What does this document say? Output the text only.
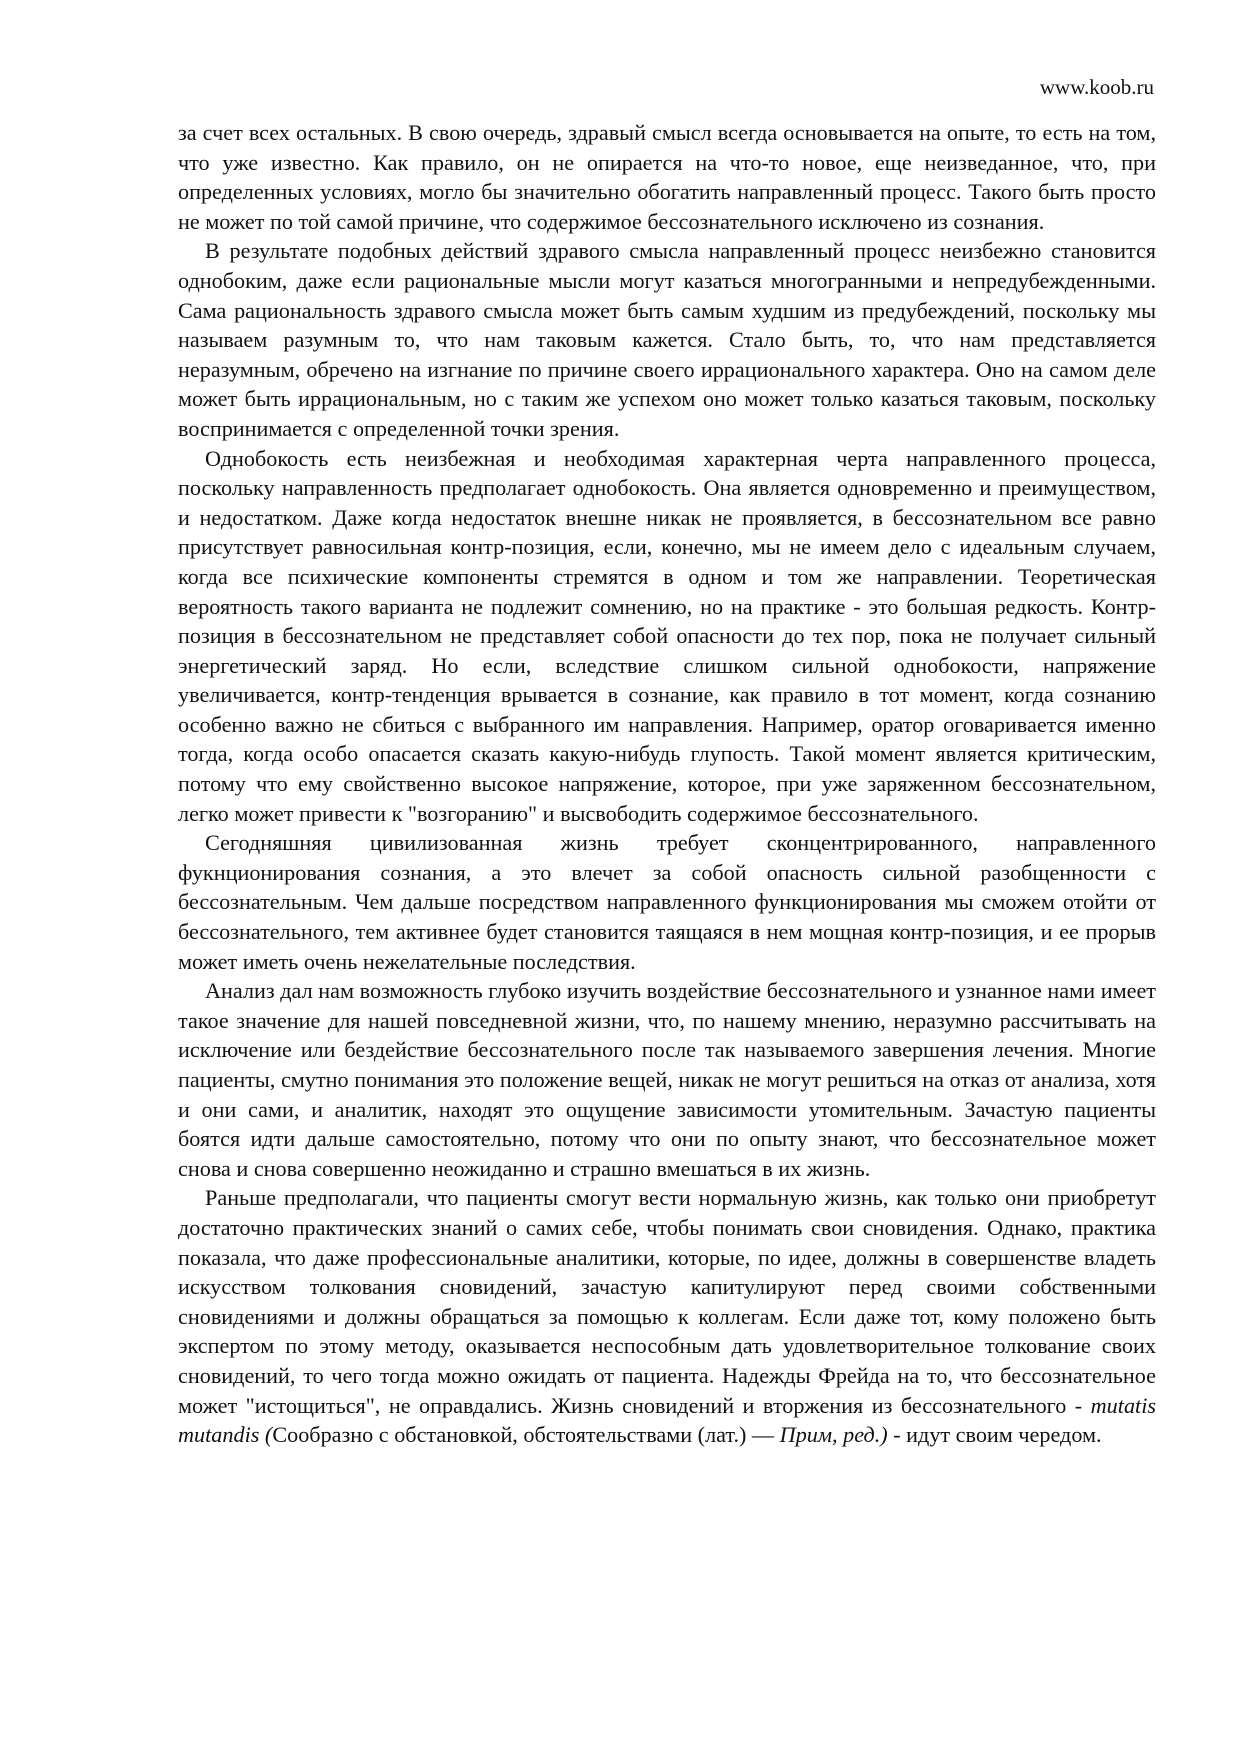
www.koob.ru

за счет всех остальных. В свою очередь, здравый смысл всегда основывается на опыте, то есть на том, что уже известно. Как правило, он не опирается на что-то новое, еще неизведанное, что, при определенных условиях, могло бы значительно обогатить направленный процесс. Такого быть просто не может по той самой причине, что содержимое бессознательного исключено из сознания.

В результате подобных действий здравого смысла направленный процесс неизбежно становится однобоким, даже если рациональные мысли могут казаться многогранными и непредубежденными. Сама рациональность здравого смысла может быть самым худшим из предубеждений, поскольку мы называем разумным то, что нам таковым кажется. Стало быть, то, что нам представляется неразумным, обречено на изгнание по причине своего иррационального характера. Оно на самом деле может быть иррациональным, но с таким же успехом оно может только казаться таковым, поскольку воспринимается с определенной точки зрения.

Однобокость есть неизбежная и необходимая характерная черта направленного процесса, поскольку направленность предполагает однобокость. Она является одновременно и преимуществом, и недостатком. Даже когда недостаток внешне никак не проявляется, в бессознательном все равно присутствует равносильная контр-позиция, если, конечно, мы не имеем дело с идеальным случаем, когда все психические компоненты стремятся в одном и том же направлении. Теоретическая вероятность такого варианта не подлежит сомнению, но на практике - это большая редкость. Контр-позиция в бессознательном не представляет собой опасности до тех пор, пока не получает сильный энергетический заряд. Но если, вследствие слишком сильной однобокости, напряжение увеличивается, контр-тенденция врывается в сознание, как правило в тот момент, когда сознанию особенно важно не сбиться с выбранного им направления. Например, оратор оговаривается именно тогда, когда особо опасается сказать какую-нибудь глупость. Такой момент является критическим, потому что ему свойственно высокое напряжение, которое, при уже заряженном бессознательном, легко может привести к "возгоранию" и высвободить содержимое бессознательного.

Сегодняшняя цивилизованная жизнь требует сконцентрированного, направленного фукнционирования сознания, а это влечет за собой опасность сильной разобщенности с бессознательным. Чем дальше посредством направленного функционирования мы сможем отойти от бессознательного, тем активнее будет становится таящаяся в нем мощная контр-позиция, и ее прорыв может иметь очень нежелательные последствия.

Анализ дал нам возможность глубоко изучить воздействие бессознательного и узнанное нами имеет такое значение для нашей повседневной жизни, что, по нашему мнению, неразумно рассчитывать на исключение или бездействие бессознательного после так называемого завершения лечения. Многие пациенты, смутно понимания это положение вещей, никак не могут решиться на отказ от анализа, хотя и они сами, и аналитик, находят это ощущение зависимости утомительным. Зачастую пациенты боятся идти дальше самостоятельно, потому что они по опыту знают, что бессознательное может снова и снова совершенно неожиданно и страшно вмешаться в их жизнь.

Раньше предполагали, что пациенты смогут вести нормальную жизнь, как только они приобретут достаточно практических знаний о самих себе, чтобы понимать свои сновидения. Однако, практика показала, что даже профессиональные аналитики, которые, по идее, должны в совершенстве владеть искусством толкования сновидений, зачастую капитулируют перед своими собственными сновидениями и должны обращаться за помощью к коллегам. Если даже тот, кому положено быть экспертом по этому методу, оказывается неспособным дать удовлетворительное толкование своих сновидений, то чего тогда можно ожидать от пациента. Надежды Фрейда на то, что бессознательное может "истощиться", не оправдались. Жизнь сновидений и вторжения из бессознательного - mutatis mutandis (Сообразно с обстановкой, обстоятельствами (лат.) — Прим, ред.) - идут своим чередом.
